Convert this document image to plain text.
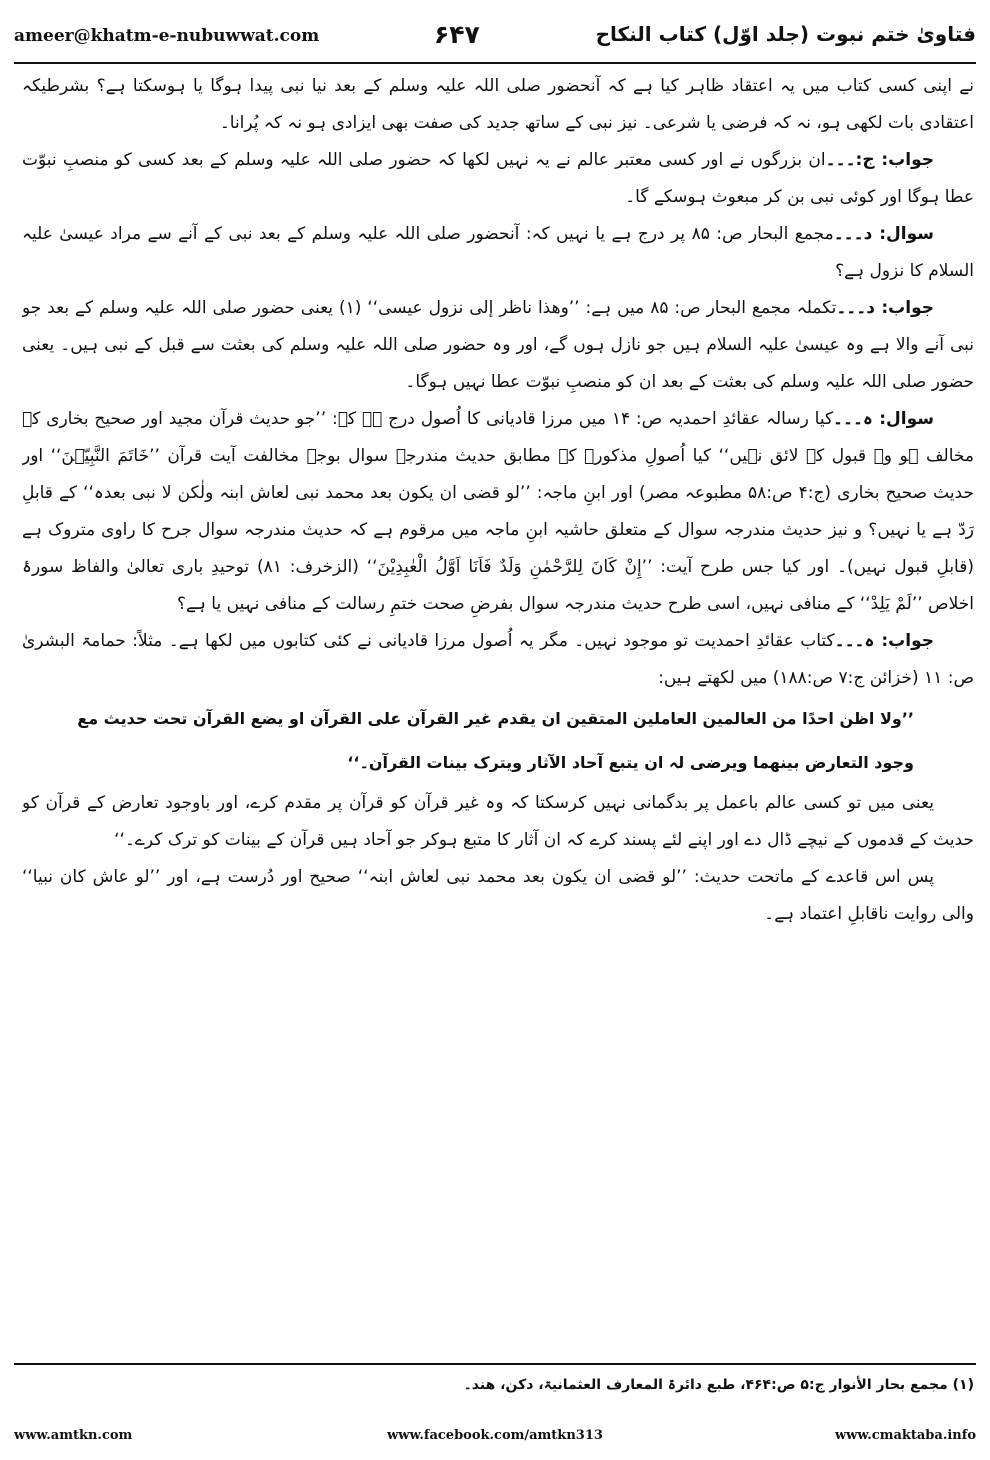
ameer@khatm-e-nubuwwat.com	۶۴۷	فتاویٰ ختم نبوت (جلد اوّل) کتاب النکاح

نے اپنی کسی کتاب میں یہ اعتقاد ظاہر کیا ہے کہ آنحضور صلی اللہ علیہ وسلم کے بعد نیا نبی پیدا ہوگا یا ہوسکتا ہے؟ بشرطیکہ اعتقادی بات لکھی ہو، نہ کہ فرضی یا شرعی۔ نیز نبی کے ساتھ جدید کی صفت بھی ایزادی ہو نہ کہ پُرانا۔

جواب: ج:۔۔۔ان بزرگوں نے اور کسی معتبر عالم نے یہ نہیں لکھا کہ حضور صلی اللہ علیہ وسلم کے بعد کسی کو منصبِ نبوّت عطا ہوگا اور کوئی نبی بن کر مبعوث ہوسکے گا۔

سوال: د۔۔۔مجمع البحار ص: ۸۵ پر درج ہے یا نہیں کہ: آنحضور صلی اللہ علیہ وسلم کے بعد نبی کے آنے سے مراد عیسیٰ علیہ السلام کا نزول ہے؟

جواب: د۔۔۔تکملہ مجمع البحار ص: ۸۵ میں ہے: ’’وھذا ناظر إلی نزول عیسی‘‘ (۱) یعنی حضور صلی اللہ علیہ وسلم کے بعد جو نبی آنے والا ہے وہ عیسیٰ علیہ السلام ہیں جو نازل ہوں گے، اور وہ حضور صلی اللہ علیہ وسلم کی بعثت سے قبل کے نبی ہیں۔ یعنی حضور صلی اللہ علیہ وسلم کی بعثت کے بعد ان کو منصبِ نبوّت عطا نہیں ہوگا۔

سوال: ہ۔۔۔کیا رسالہ عقائدِ احمدیہ ص: ۱۴ میں مرزا قادیانی کا اُصول درج ہے کہ: ’’جو حدیث قرآن مجید اور صحیح بخاری کے مخالف ہو وہ قبول کے لائق نہیں‘‘ کیا اُصولِ مذکورہ کے مطابق حدیث مندرجہ سوال بوجہ مخالفت آیت قرآن ’’خَاتَمَ النَّبِیّٖنَ‘‘ اور حدیث صحیح بخاری (ج:۴ ص:۵۸ مطبوعہ مصر) اور ابنِ ماجہ: ’’لو قضی ان یکون بعد محمد نبی لعاش ابنہ ولٰکن لا نبی بعدہ‘‘ کے قابلِ رَدّ ہے یا نہیں؟ و نیز حدیث مندرجہ سوال کے متعلق حاشیہ ابنِ ماجہ میں مرقوم ہے کہ حدیث مندرجہ سوال جرح کا راوی متروک ہے (قابلِ قبول نہیں)۔ اور کیا جس طرح آیت: ’’إِنْ کَانَ لِلرَّحْمٰنِ وَلَدٌ فَاَنَا اَوَّلُ الْعٰبِدِیْنَ‘‘ (الزخرف: ۸۱) توحیدِ باری تعالیٰ والفاظ سورۂ اخلاص ’’لَمْ یَلِدْ‘‘ کے منافی نہیں، اسی طرح حدیث مندرجہ سوال بفرضِ صحت ختمِ رسالت کے منافی نہیں یا ہے؟

جواب: ہ۔۔۔کتاب عقائدِ احمدیت تو موجود نہیں۔ مگر یہ اُصول مرزا قادیانی نے کئی کتابوں میں لکھا ہے۔ مثلاً: حمامۃ البشریٰ ص: ۱۱ (خزائن ج:۷ ص:۱۸۸) میں لکھتے ہیں:

’’ولا اظن احدًا من العالمین العاملین المتقین ان یقدم غیر القرآن علی القرآن او یضع القرآن تحت حدیث مع وجود التعارض بینھما ویرضی لہ ان یتبع آحاد الآثار ویترک بینات القرآن۔‘‘

یعنی میں تو کسی عالم باعمل پر بدگمانی نہیں کرسکتا کہ وہ غیر قرآن کو قرآن پر مقدم کرے، اور باوجود تعارض کے قرآن کو حدیث کے قدموں کے نیچے ڈال دے اور اپنے لئے پسند کرے کہ ان آثار کا متبع ہوکر جو آحاد ہیں قرآن کے بینات کو ترک کرے۔‘‘

پس اس قاعدے کے ماتحت حدیث: ’’لو قضی ان یکون بعد محمد نبی لعاش ابنہ‘‘ صحیح اور دُرست ہے، اور ’’لو عاش کان نبیا‘‘ والی روایت ناقابلِ اعتماد ہے۔

(۱) مجمع بحار الأنوار ج:۵ ص:۴۶۴، طبع دائرۃ المعارف العثمانیۃ، دکن، ھند۔
www.amtkn.com	www.facebook.com/amtkn313	www.cmaktaba.info
